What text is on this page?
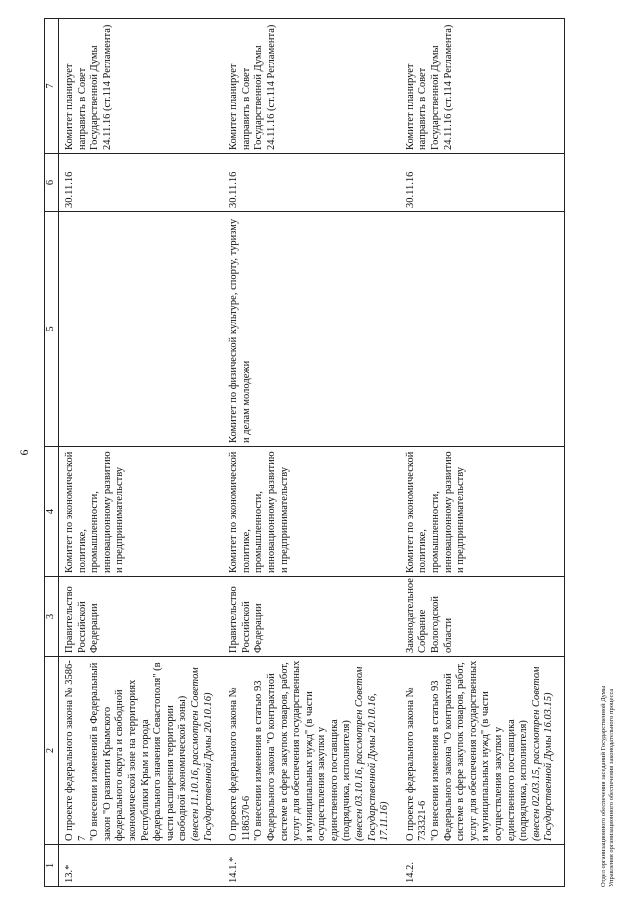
6
1	2	3	4	5	6	7
13.*	О проекте федерального закона № 3586-7 "О внесении изменений в Федеральный закон "О развитии Крымского федерального округа и свободной экономической зоне на территориях Республики Крым и города федерального значения Севастополя" (в части расширения территории свободной экономической зоны) (внесен 11.10.16, рассмотрен Советом Государственной Думы 20.10.16)	Правительство Российской Федерации	Комитет по экономической политике, промышленности, инновационному развитию и предпринимательству		30.11.16	Комитет планирует направить в Совет Государственной Думы 24.11.16 (ст.114 Регламента)
14.1.*	О проекте федерального закона № 1186370-6 "О внесении изменения в статью 93 Федерального закона "О контрактной системе в сфере закупок товаров, работ, услуг для обеспечения государственных и муниципальных нужд" (в части осуществления закупки у единственного поставщика (подрядчика, исполнителя) (внесен 03.10.16, рассмотрен Советом Государственной Думы 20.10.16, 17.11.16)	Правительство Российской Федерации	Комитет по экономической политике, промышленности, инновационному развитию и предпринимательству	Комитет по физической культуре, спорту, туризму и делам молодежи	30.11.16	Комитет планирует направить в Совет Государственной Думы 24.11.16 (ст.114 Регламента)
14.2.	О проекте федерального закона № 733321-6 "О внесении изменения в статью 93 Федерального закона "О контрактной системе в сфере закупок товаров, работ, услуг для обеспечения государственных и муниципальных нужд" (в части осуществления закупки у единственного поставщика (подрядчика, исполнителя) (внесен 02.03.15, рассмотрен Советом Государственной Думы 16.03.15)	Законодательное Собрание Вологодской области	Комитет по экономической политике, промышленности, инновационному развитию и предпринимательству		30.11.16	Комитет планирует направить в Совет Государственной Думы 24.11.16 (ст.114 Регламента)
Отдел организационного обеспечения заседаний Государственной Думы Управления организационного обеспечения законодательного процесса
